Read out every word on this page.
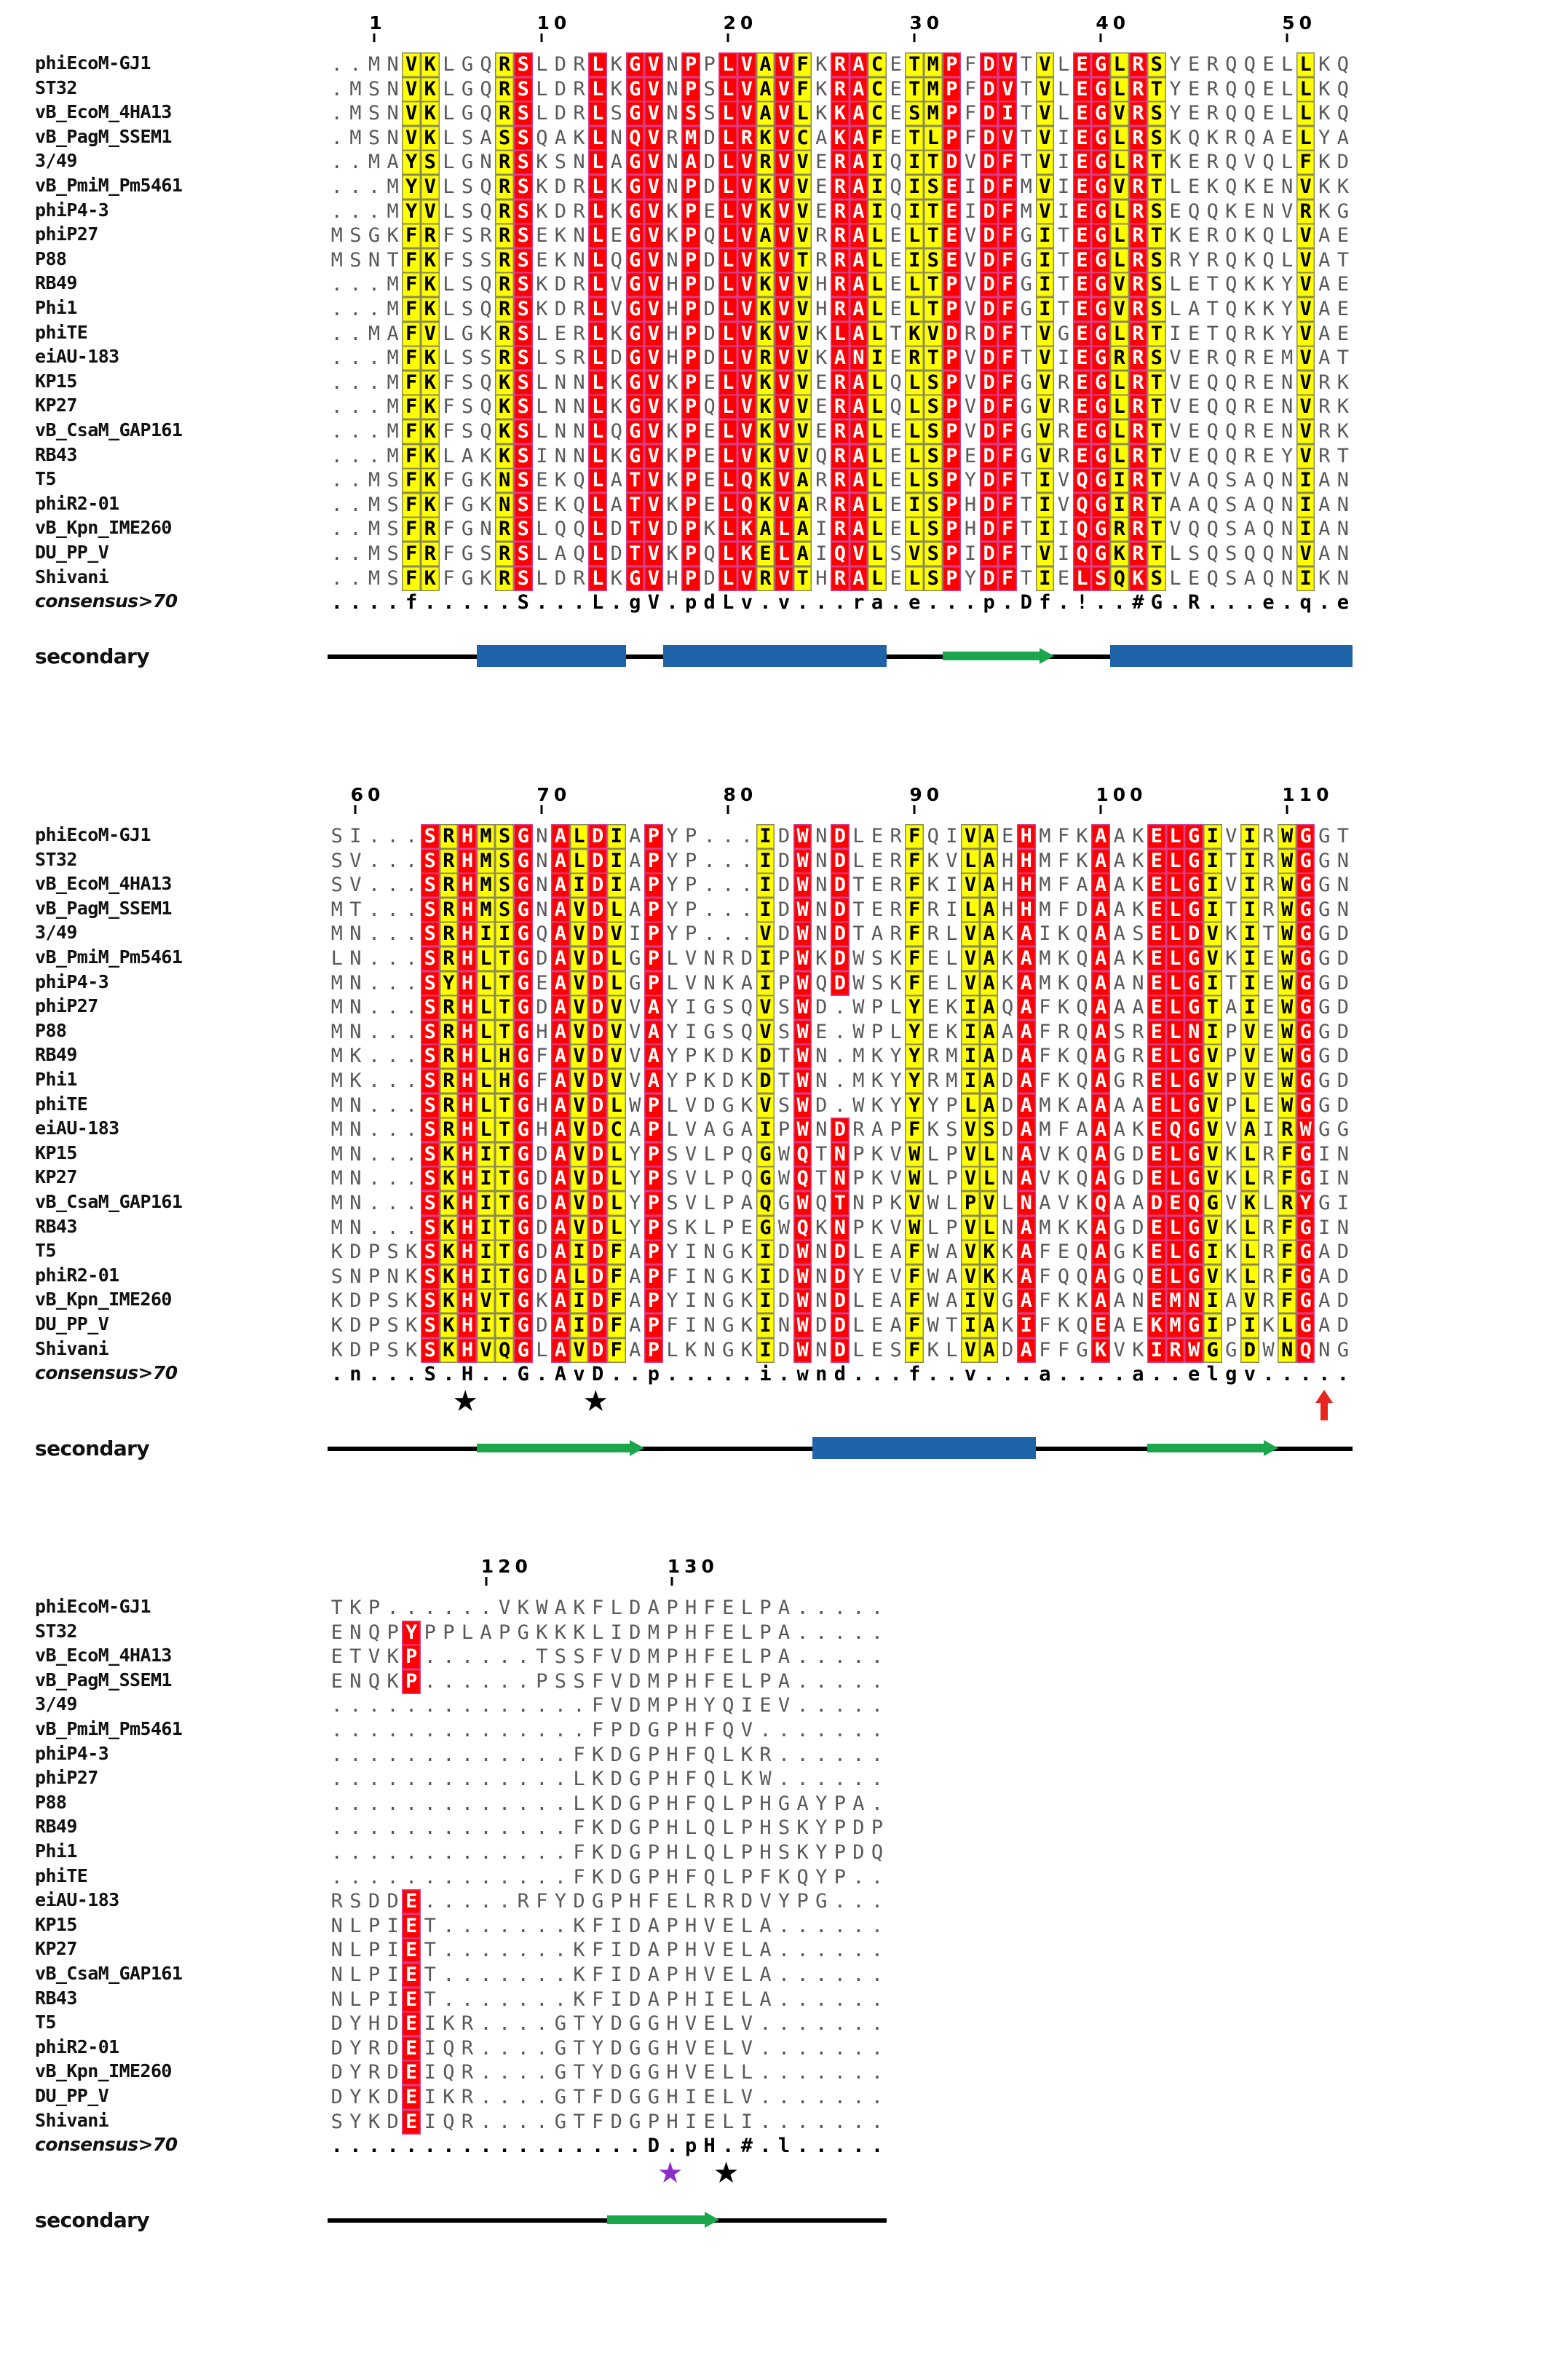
1	10	20	30	40	50
phiEcoM-GJ1	. . M N V K L G Q R S L D R L K G V N P P L V A V F K R A C E T M P F D V T V L E G L R S Y E R Q Q E L L K Q
ST32	. M S N V K L G Q R S L D R L K G V N P S L V A V F K R A C E T M P F D V T V L E G L R T Y E R Q Q E L L K Q
vB_EcoM_4HA13	. M S N V K L G Q R S L D R L S G V N S S L V A V L K K A C E S M P F D I T V L E G V R S Y E R Q Q E L L K Q
vB_PagM_SSEM1	. M S N V K L S A S S Q A K L N Q V R M D L R K V C A K A F E T L P F D V T V I E G L R S K Q K R Q A E L Y A
3/49	. . M A Y S L G N R S K S N L A G V N A D L V R V V E R A I Q I T D V D F T V I E G L R T K E R Q V Q L F K D
vB_PmiM_Pm5461	. . . M Y V L S Q R S K D R L K G V N P D L V K V V E R A I Q I S E I D F M V I E G V R T L E K Q K E N V K K
phiP4-3	. . . M Y V L S Q R S K D R L K G V K P E L V K V V E R A I Q I T E I D F M V I E G L R S E Q Q K E N V R K G
phiP27	M S G K F R F S R R S E K N L E G V K P Q L V A V V R R A L E L T E V D F G I T E G L R T K E R O K Q L V A E
P88	M S N T F K F S S R S E K N L Q G V N P D L V K V T R R A L E I S E V D F G I T E G L R S R Y R Q K Q L V A T
RB49	. . . M F K L S Q R S K D R L V G V H P D L V K V V H R A L E L T P V D F G I T E G V R S L E T Q K K Y V A E
Phi1	. . . M F K L S Q R S K D R L V G V H P D L V K V V H R A L E L T P V D F G I T E G V R S L A T Q K K Y V A E
phiTE	. . M A F V L G K R S L E R L K G V H P D L V K V V K L A L T K V D R D F T V G E G L R T I E T Q R K Y V A E
eiAU-183	. . . M F K L S S R S L S R L D G V H P D L V R V V K A N I E R T P V D F T V I E G R R S V E R Q R E M V A T
KP15	. . . M F K F S Q K S L N N L K G V K P E L V K V V E R A L Q L S P V D F G V R E G L R T V E Q Q R E N V R K
KP27	. . . M F K F S Q K S L N N L K G V K P Q L V K V V E R A L Q L S P V D F G V R E G L R T V E Q Q R E N V R K
vB_CsaM_GAP161	. . . M F K F S Q K S L N N L Q G V K P E L V K V V E R A L E L S P V D F G V R E G L R T V E Q Q R E N V R K
RB43	. . . M F K L A K K S I N N L K G V K P E L V K V V Q R A L E L S P E D F G V R E G L R T V E Q Q R E Y V R T
T5	. . M S F K F G K N S E K Q L A T V K P E L Q K V A R R A L E L S P Y D F T I V Q G I R T V A Q S A Q N I A N
phiR2-01	. . M S F K F G K N S E K Q L A T V K P E L Q K V A R R A L E I S P H D F T I V Q G I R T A A Q S A Q N I A N
vB_Kpn_IME260	. . M S F R F G N R S L Q Q L D T V D P K L K A L A I R A L E L S P H D F T I I Q G R R T V Q Q S A Q N I A N
DU_PP_V	. . M S F R F G S R S L A Q L D T V K P Q L K E L A I Q V L S V S P I D F T V I Q G K R T L S Q S Q Q N V A N
Shivani	. . M S F K F G K R S L D R L K G V H P D L V R V T H R A L E L S P Y D F T I E L S Q K S L E Q S A Q N I K N
consensus>70	. . . . f . . . . . S . . . L . g V . p d L v . v . . . r a . e . . . p . D f . ! . . # G . R . . . e . q . e
secondary
60	70	80	90	100	110
phiEcoM-GJ1	S I . . . S R H M S G N A L D I A P Y P . . . I D W N D L E R F Q I V A E H M F K A A K E L G I V I R W G G T
ST32	S V . . . S R H M S G N A L D I A P Y P . . . I D W N D L E R F K V L A H H M F K A A K E L G I T I R W G G N
vB_EcoM_4HA13	S V . . . S R H M S G N A I D I A P Y P . . . I D W N D T E R F K I V A H H M F A A A K E L G I V I R W G G N
vB_PagM_SSEM1	M T . . . S R H M S G N A V D L A P Y P . . . I D W N D T E R F R I L A H H M F D A A K E L G I T I R W G G N
3/49	M N . . . S R H I I G Q A V D V I P Y P . . . V D W N D T A R F R L V A K A I K Q A A S E L D V K I T W G G D
vB_PmiM_Pm5461	L N . . . S R H L T G D A V D L G P L V N R D I P W K D W S K F E L V A K A M K Q A A K E L G V K I E W G G D
phiP4-3	M N . . . S Y H L T G E A V D L G P L V N K A I P W Q D W S K F E L V A K A M K Q A A N E L G I T I E W G G D
phiP27	M N . . . S R H L T G D A V D V V A Y I G S Q V S W D . W P L Y E K I A Q A F K Q A A A E L G T A I E W G G D
P88	M N . . . S R H L T G H A V D V V A Y I G S Q V S W E . W P L Y E K I A A A F R Q A S R E L N I P V E W G G D
RB49	M K . . . S R H L H G F A V D V V A Y P K D K D T W N . M K Y Y R M I A D A F K Q A G R E L G V P V E W G G D
Phi1	M K . . . S R H L H G F A V D V V A Y P K D K D T W N . M K Y Y R M I A D A F K Q A G R E L G V P V E W G G D
phiTE	M N . . . S R H L T G H A V D L W P L V D G K V S W D . W K Y Y Y P L A D A M K A A A A E L G V P L E W G G D
eiAU-183	M N . . . S R H L T G H A V D C A P L V A G A I P W N D R A P F K S V S D A M F A A A K E Q G V V A I R W G G
KP15	M N . . . S K H I T G D A V D L Y P S V L P Q G W Q T N P K V W L P V L N A V K Q A G D E L G V K L R F G I N
KP27	M N . . . S K H I T G D A V D L Y P S V L P Q G W Q T N P K V W L P V L N A V K Q A G D E L G V K L R F G I N
vB_CsaM_GAP161	M N . . . S K H I T G D A V D L Y P S V L P A Q G W Q T N P K V W L P V L N A V K Q A A D E Q G V K L R Y G I
RB43	M N . . . S K H I T G D A V D L Y P S K L P E G W Q K N P K V W L P V L N A M K K A G D E L G V K L R F G I N
T5	K D P S K S K H I T G D A I D F A P Y I N G K I D W N D L E A F W A V K K A F E Q A G K E L G I K L R F G A D
phiR2-01	S N P N K S K H I T G D A L D F A P F I N G K I D W N D Y E V F W A V K K A F Q Q A G Q E L G V K L R F G A D
vB_Kpn_IME260	K D P S K S K H V T G K A I D F A P Y I N G K I D W N D L E A F W A I V G A F K K A A N E M N I A V R F G A D
DU_PP_V	K D P S K S K H I T G D A I D F A P F I N G K I N W D D L E A F W T I A K I F K Q E A E K M G I P I K L G A D
Shivani	K D P S K S K H V Q G L A V D F A P L K N G K I D W N D L E S F K L V A D A F F G K V K I R W G G D W N Q N G
consensus>70	. n . . . S . H . . G . A v D . . p . . . . . i . w n d . . . f . . v . . . a . . . . a . . e l g v . . . . .
★	★
secondary
120	130
phiEcoM-GJ1	T K P . . . . . . V K W A K F L D A P H F E L P A . . . . .
ST32	E N Q P Y P P L A P G K K K L I D M P H F E L P A . . . . .
vB_EcoM_4HA13	E T V K P . . . . . . T S S F V D M P H F E L P A . . . . .
vB_PagM_SSEM1	E N Q K P . . . . . . P S S F V D M P H F E L P A . . . . .
3/49	. . . . . . . . . . . . . . F V D M P H Y Q I E V . . . . .
vB_PmiM_Pm5461	. . . . . . . . . . . . . . F P D G P H F Q V . . . . . . .
phiP4-3	. . . . . . . . . . . . . F K D G P H F Q L K R . . . . . .
phiP27	. . . . . . . . . . . . . L K D G P H F Q L K W . . . . . .
P88	. . . . . . . . . . . . . L K D G P H F Q L P H G A Y P A .
RB49	. . . . . . . . . . . . . F K D G P H L Q L P H S K Y P D P
Phi1	. . . . . . . . . . . . . F K D G P H L Q L P H S K Y P D Q
phiTE	. . . . . . . . . . . . . F K D G P H F Q L P F K Q Y P . .
eiAU-183	R S D D E . . . . . R F Y D G P H F E L R R D V Y P G . . .
KP15	N L P I E T . . . . . . . K F I D A P H V E L A . . . . . .
KP27	N L P I E T . . . . . . . K F I D A P H V E L A . . . . . .
vB_CsaM_GAP161	N L P I E T . . . . . . . K F I D A P H V E L A . . . . . .
RB43	N L P I E T . . . . . . . K F I D A P H I E L A . . . . . .
T5	D Y H D E I K R . . . . G T Y D G G H V E L V . . . . . . .
phiR2-01	D Y R D E I Q R . . . . G T Y D G G H V E L V . . . . . . .
vB_Kpn_IME260	D Y R D E I Q R . . . . G T Y D G G H V E L L . . . . . . .
DU_PP_V	D Y K D E I K R . . . . G T F D G G H I E L V . . . . . . .
Shivani	S Y K D E I Q R . . . . G T F D G P H I E L I . . . . . . .
consensus>70	. . . . . . . . . . . . . . . . . D . p H . # . l . . . . .
★ ★
secondary
